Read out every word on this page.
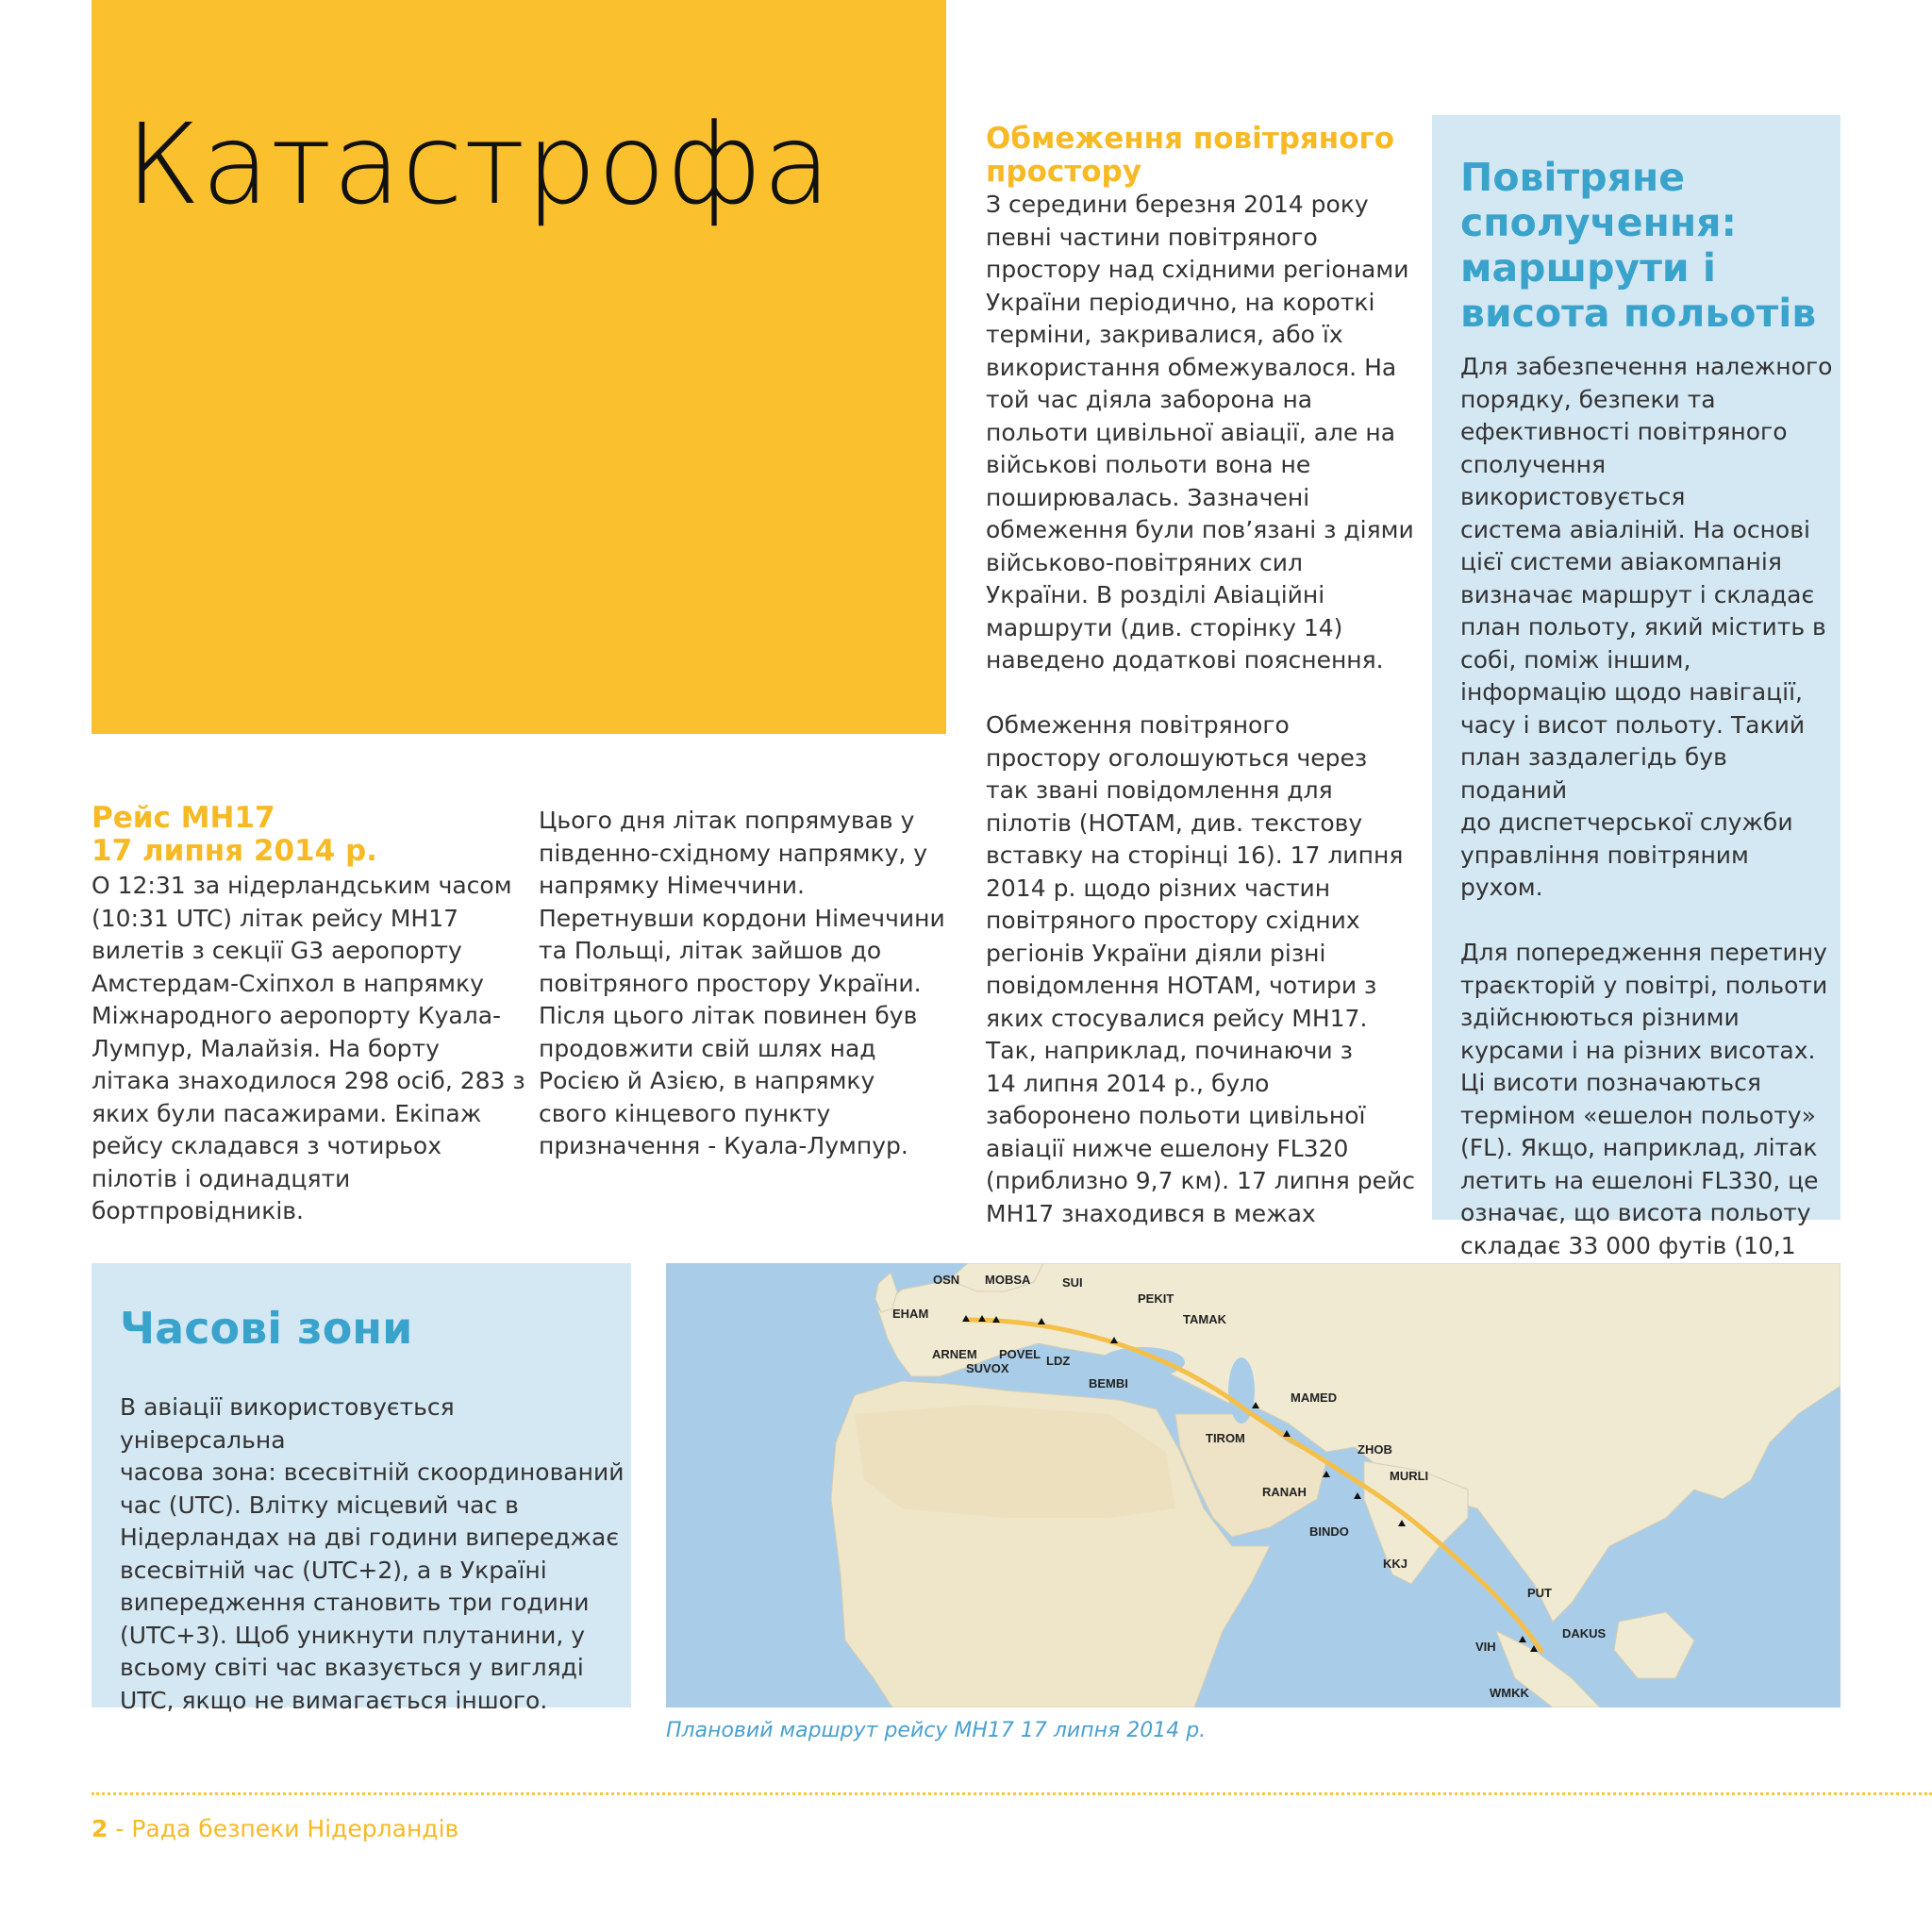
Катастрофа
Рейс МН17
17 липня 2014 р.

О 12:31 за нідерландським часом

(10:31 UTC) літак рейсу МН17

вилетів з секції G3 аеропорту

Амстердам-Схіпхол в напрямку

Міжнародного аеропорту Куала-

Лумпур, Малайзія. На борту

літака знаходилося 298 осіб, 283 з

яких були пасажирами. Екіпаж

рейсу складався з чотирьох

пілотів і одинадцяти

бортпровідників.

Цього дня літак попрямував у

південно-східному напрямку, у

напрямку Німеччини.

Перетнувши кордони Німеччини

та Польщі, літак зайшов до

повітряного простору України.

Після цього літак повинен був

продовжити свій шлях над

Росією й Азією, в напрямку

свого кінцевого пункту

призначення - Куала-Лумпур.

Обмеження повітряного
простору

З середини березня 2014 року

певні частини повітряного

простору над східними регіонами

України періодично, на короткі

терміни, закривалися, або їх

використання обмежувалося. На

той час діяла заборона на

польоти цивільної авіації, але на

військові польоти вона не

поширювалась. Зазначені

обмеження були пов’язані з діями

військово-повітряних сил

України. В розділі Авіаційні

маршрути (див. сторінку 14)

наведено додаткові пояснення.

Обмеження повітряного

простору оголошуються через

так звані повідомлення для

пілотів (НОТАМ, див. текстову

вставку на сторінці 16). 17 липня

2014 р. щодо різних частин

повітряного простору східних

регіонів України діяли різні

повідомлення НОТАМ, чотири з

яких стосувалися рейсу МН17.

Так, наприклад, починаючи з

14 липня 2014 р., було

заборонено польоти цивільної

авіації нижче ешелону FL320

(приблизно 9,7 км). 17 липня рейс

МН17 знаходився в межах

Повітряне
сполучення:
маршрути і
висота польотів

Для забезпечення належного

порядку, безпеки та

ефективності повітряного

сполучення використовується

система авіаліній. На основі

цієї системи авіакомпанія

визначає маршрут і складає

план польоту, який містить в

собі, поміж іншим,

інформацію щодо навігації,

часу і висот польоту. Такий

план заздалегідь був поданий

до диспетчерської служби

управління повітряним рухом.

Для попередження перетину

траєкторій у повітрі, польоти

здійснюються різними

курсами і на різних висотах.

Ці висоти позначаються

терміном «ешелон польоту»

(FL). Якщо, наприклад, літак

летить на ешелоні FL330, це

означає, що висота польоту

складає 33 000 футів (10,1

Часові зони

В авіації використовується універсальна

часова зона: всесвітній скоординований

час (UTC). Влітку місцевий час в

Нідерландах на дві години випереджає

всесвітній час (UTC+2), а в Україні

випередження становить три години

(UTC+3). Щоб уникнути плутанини, у

всьому світі час вказується у вигляді

UTC, якщо не вимагається іншого.

OSN MOBSA	SUI
EHAM
PEKIT
TAMAK
ARNEM POVEL
SUVOX
LDZ
BEMBI
MAMED
TIROM
ZHOB
MURLI
RANAH
BINDO
KKJ
PUT
DAKUS
VIH
WMKK
Плановий маршрут рейсу МН17 17 липня 2014 р.
2 - Рада безпеки Нідерландів
